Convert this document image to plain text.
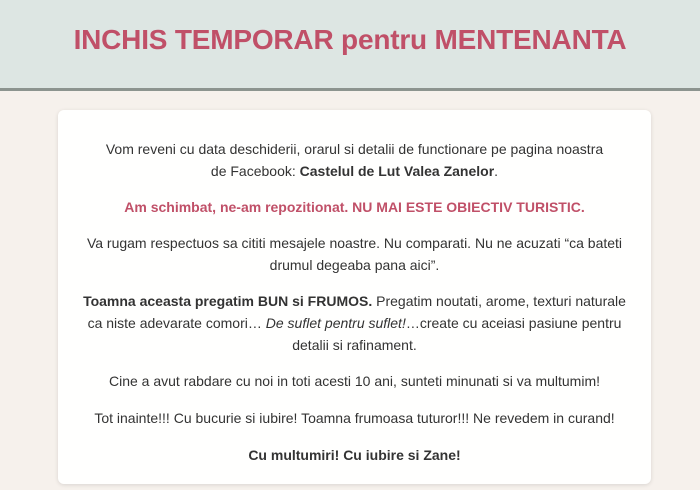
INCHIS TEMPORAR pentru MENTENANTA

Vom reveni cu data deschiderii, orarul si detalii de functionare pe pagina noastra de Facebook: Castelul de Lut Valea Zanelor.

Am schimbat, ne-am repozitionat. NU MAI ESTE OBIECTIV TURISTIC.

Va rugam respectuos sa cititi mesajele noastre. Nu comparati. Nu ne acuzati “ca bateti drumul degeaba pana aici”.

Toamna aceasta pregatim BUN si FRUMOS. Pregatim noutati, arome, texturi naturale ca niste adevarate comori… De suflet pentru suflet!…create cu aceiasi pasiune pentru detalii si rafinament.

Cine a avut rabdare cu noi in toti acesti 10 ani, sunteti minunati si va multumim!

Tot inainte!!! Cu bucurie si iubire! Toamna frumoasa tuturor!!! Ne revedem in curand!

Cu multumiri! Cu iubire si Zane!
